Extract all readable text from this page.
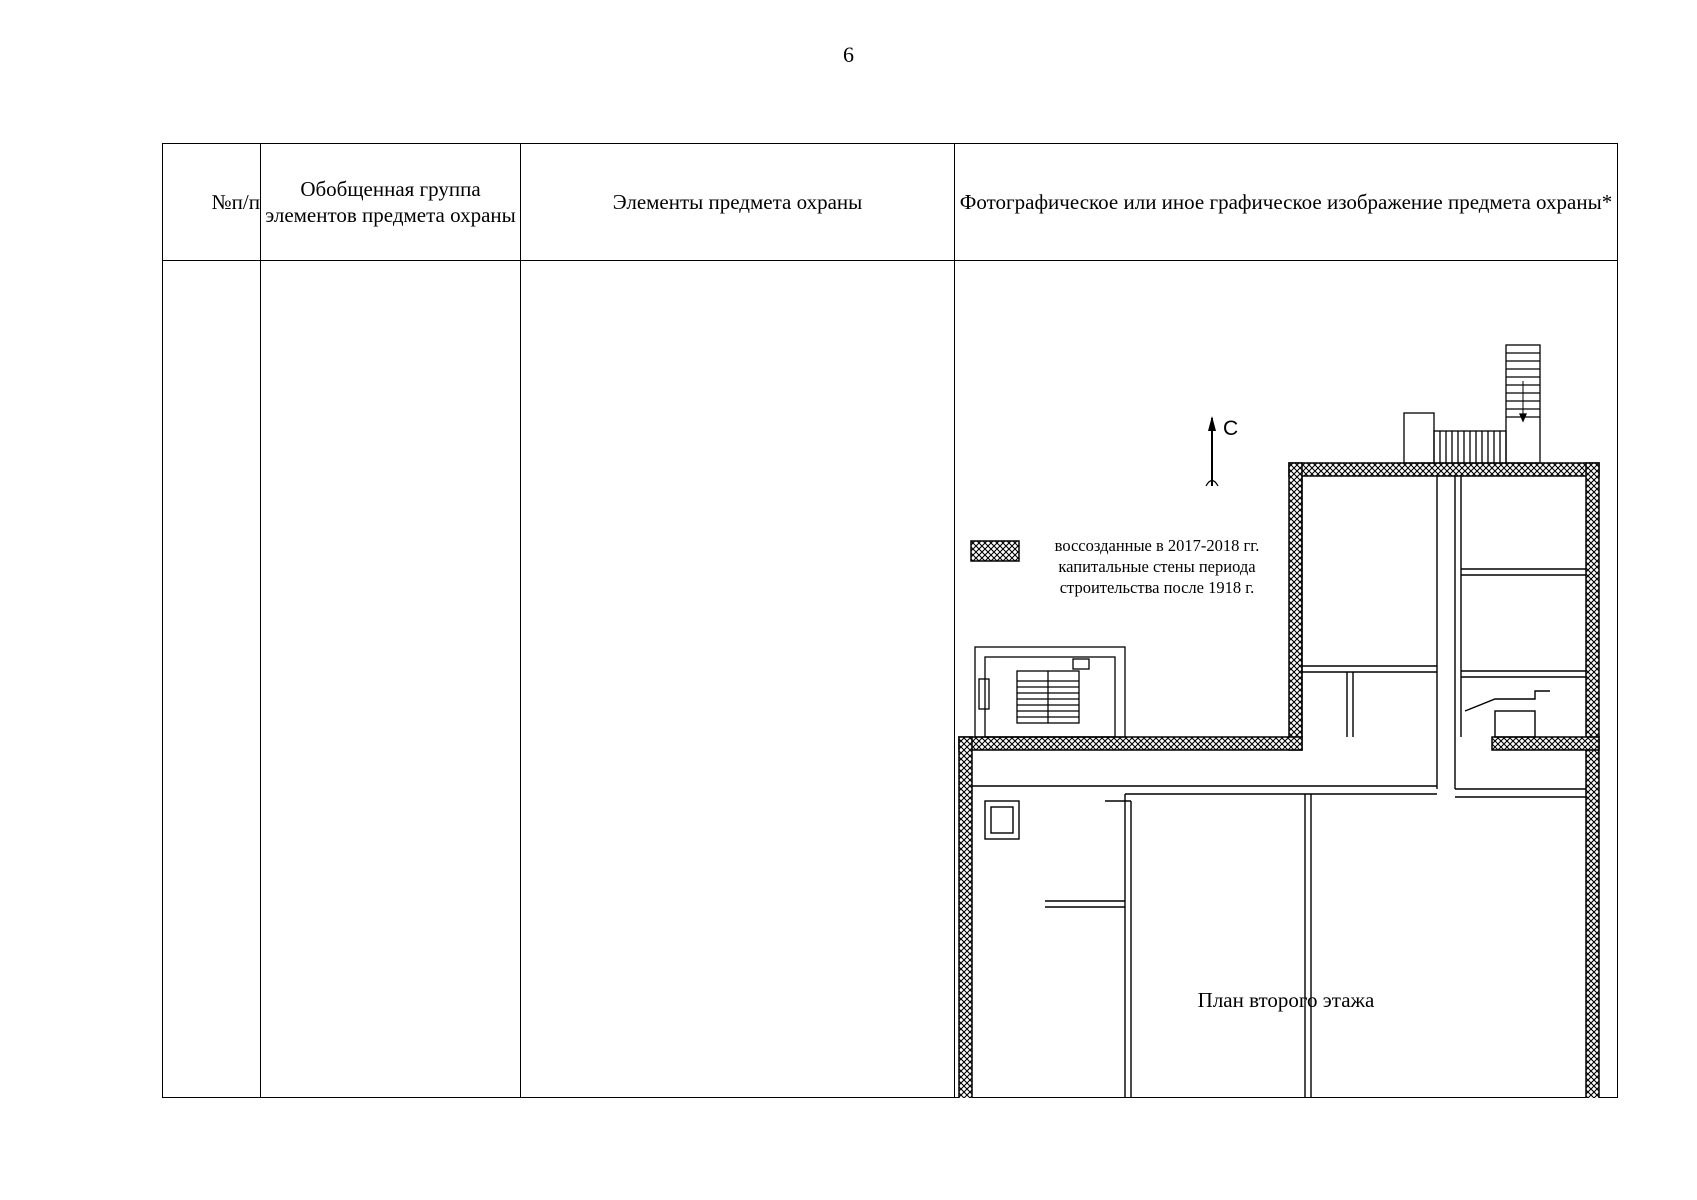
6
№п/п	Обобщенная группа элементов предмета охраны	Элементы предмета охраны	Фотографическое или иное графическое изображение предмета охраны*

			С
воссозданные в 2017-2018 гг. капитальные стены периода строительства после 1918 г.
План второго этажа
